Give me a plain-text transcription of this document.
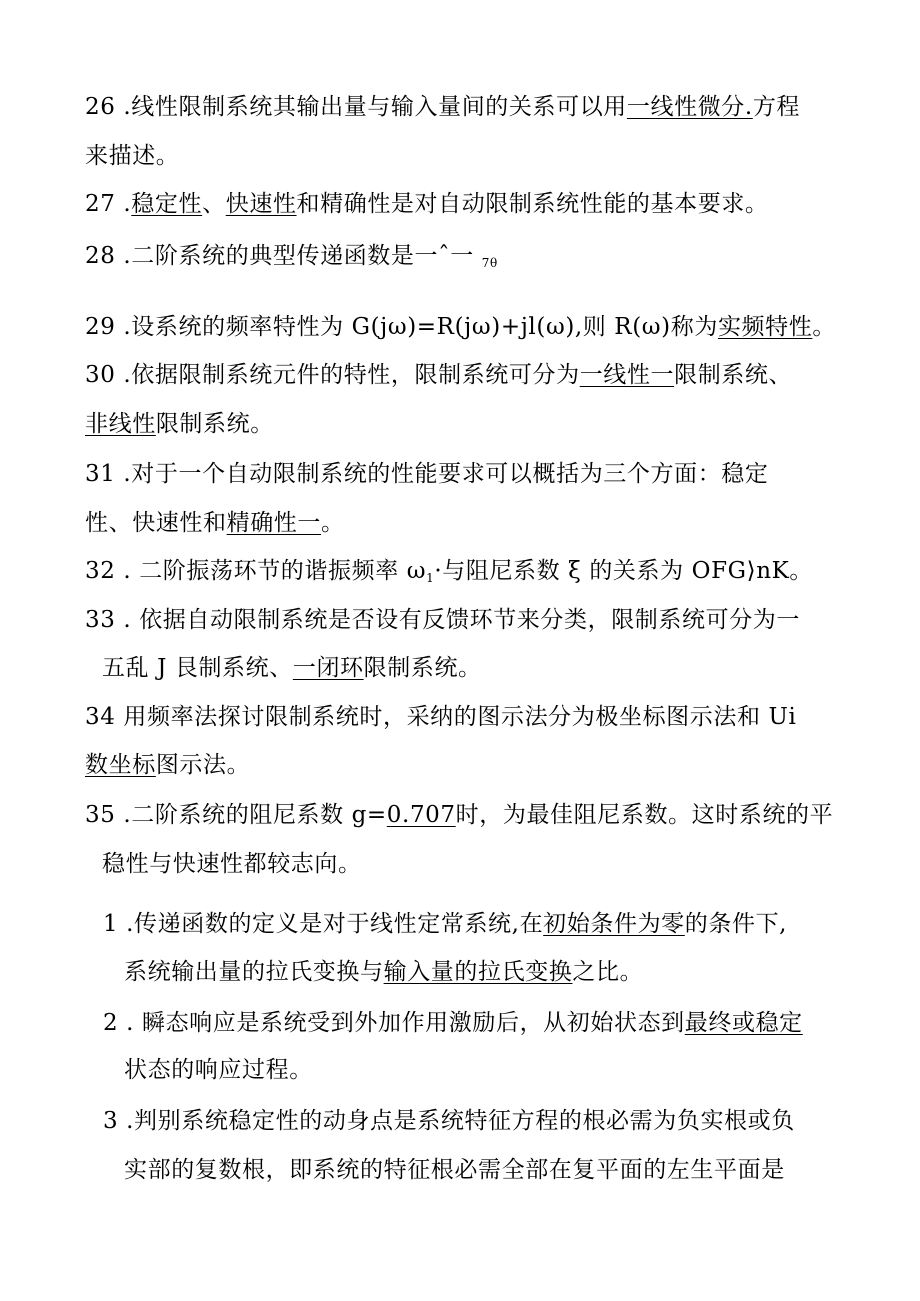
26 .线性限制系统其输出量与输入量间的关系可以用一线性微分.方程
来描述。
27 .稳定性、快速性和精确性是对自动限制系统性能的基本要求。
28 .二阶系统的典型传递函数是一ˆ一 $_{7\theta}$
29 .设系统的频率特性为 G(jω)=R(jω)+jl(ω),则 R(ω)称为实频特性。
30 .依据限制系统元件的特性，限制系统可分为一线性一限制系统、
非线性限制系统。
31 .对于一个自动限制系统的性能要求可以概括为三个方面：稳定
性、快速性和精确性一。
32 . 二阶振荡环节的谐振频率 $\omega_1\cdot$与阻尼系数 ξ 的关系为 OFG⟩nK。
33 . 依据自动限制系统是否设有反馈环节来分类，限制系统可分为一
五乱 J 艮制系统、一闭环限制系统。
34 用频率法探讨限制系统时，采纳的图示法分为极坐标图示法和 Ui
数坐标图示法。
35 .二阶系统的阻尼系数 g=0.707时，为最佳阻尼系数。这时系统的平
稳性与快速性都较志向。
1 .传递函数的定义是对于线性定常系统,在初始条件为零的条件下,
系统输出量的拉氏变换与输入量的拉氏变换之比。
2 . 瞬态响应是系统受到外加作用激励后，从初始状态到最终或稳定
状态的响应过程。
3 .判别系统稳定性的动身点是系统特征方程的根必需为负实根或负
实部的复数根，即系统的特征根必需全部在复平面的左生平面是
